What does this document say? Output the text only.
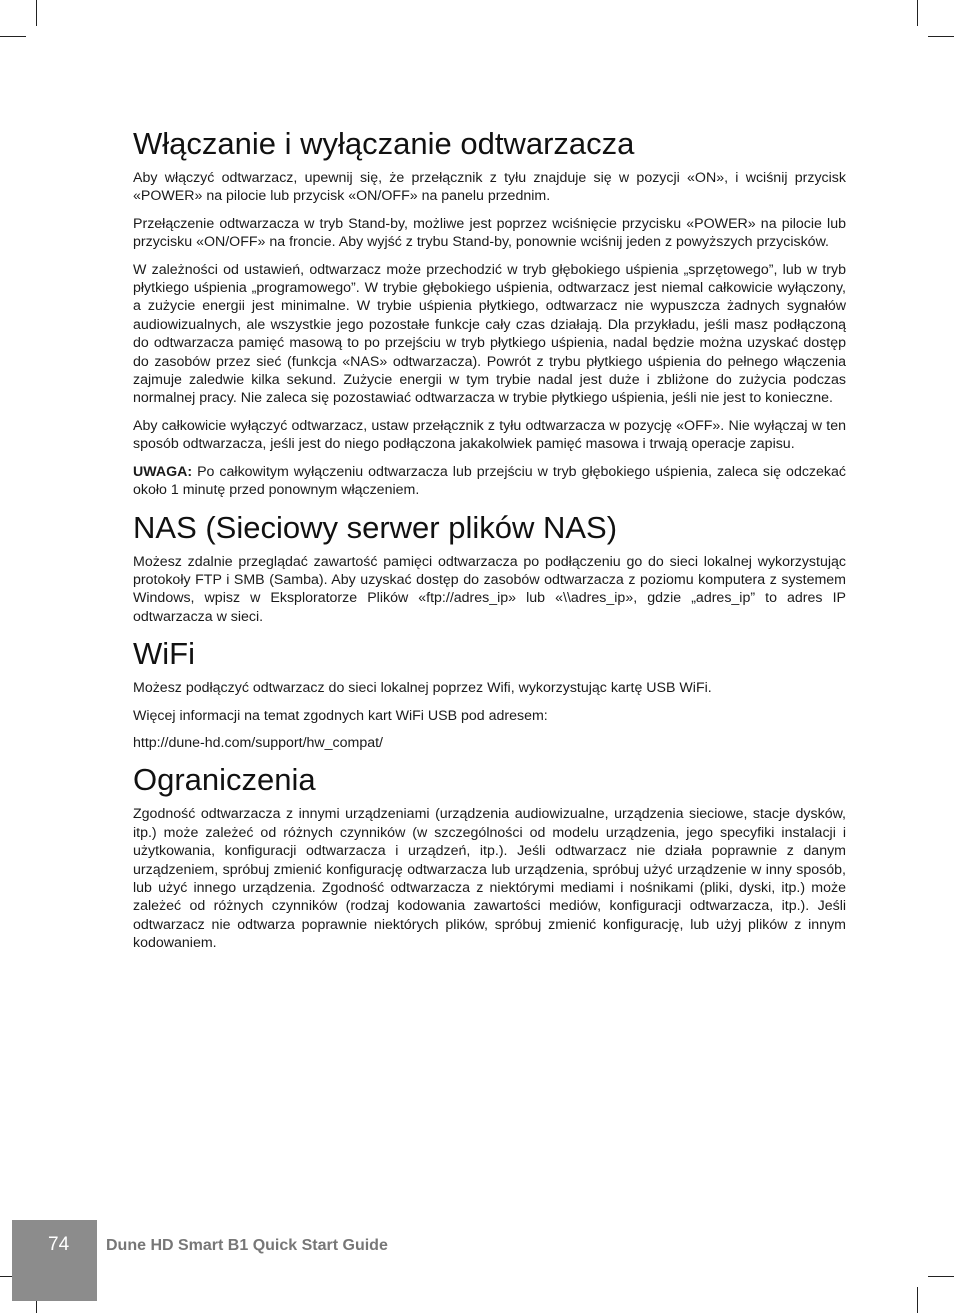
Włączanie i wyłączanie odtwarzacza

Aby włączyć odtwarzacz, upewnij się, że przełącznik z tyłu znajduje się w pozycji «ON», i wciśnij przycisk «POWER» na pilocie lub przycisk «ON/OFF» na panelu przednim.

Przełączenie odtwarzacza w tryb Stand-by, możliwe jest poprzez wciśnięcie przycisku «POWER» na pilocie lub przycisku «ON/OFF» na froncie. Aby wyjść z trybu Stand-by, ponownie wciśnij jeden z powyższych przycisków.

W zależności od ustawień, odtwarzacz może przechodzić w tryb głębokiego uśpienia „sprzętowego”, lub w tryb płytkiego uśpienia „programowego”. W trybie głębokiego uśpienia, odtwarzacz jest niemal całkowicie wyłączony, a zużycie energii jest minimalne. W trybie uśpienia płytkiego, odtwarzacz nie wypuszcza żadnych sygnałów audiowizualnych, ale wszystkie jego pozostałe funkcje cały czas działają. Dla przykładu, jeśli masz podłączoną do odtwarzacza pamięć masową to po przejściu w tryb płytkiego uśpienia, nadal będzie można uzyskać dostęp do zasobów przez sieć (funkcja «NAS» odtwarzacza). Powrót z trybu płytkiego uśpienia do pełnego włączenia zajmuje zaledwie kilka sekund. Zużycie energii w tym trybie nadal jest duże i zbliżone do zużycia podczas normalnej pracy. Nie zaleca się pozostawiać odtwarzacza w trybie płytkiego uśpienia, jeśli nie jest to konieczne.

Aby całkowicie wyłączyć odtwarzacz, ustaw przełącznik z tyłu odtwarzacza w pozycję «OFF». Nie wyłączaj w ten sposób odtwarzacza, jeśli jest do niego podłączona jakakolwiek pamięć masowa i trwają operacje zapisu.

UWAGA: Po całkowitym wyłączeniu odtwarzacza lub przejściu w tryb głębokiego uśpienia, zaleca się odczekać około 1 minutę przed ponownym włączeniem.

NAS (Sieciowy serwer plików NAS)

Możesz zdalnie przeglądać zawartość pamięci odtwarzacza po podłączeniu go do sieci lokalnej wykorzystując protokoły FTP i SMB (Samba). Aby uzyskać dostęp do zasobów odtwarzacza z poziomu komputera z systemem Windows, wpisz w Eksploratorze Plików «ftp://adres_ip» lub «\\adres_ip», gdzie „adres_ip” to adres IP odtwarzacza w sieci.

WiFi

Możesz podłączyć odtwarzacz do sieci lokalnej poprzez Wifi, wykorzystując kartę USB WiFi.

Więcej informacji na temat zgodnych kart WiFi USB pod adresem:

http://dune-hd.com/support/hw_compat/

Ograniczenia

Zgodność odtwarzacza z innymi urządzeniami (urządzenia audiowizualne, urządzenia sieciowe, stacje dysków, itp.) może zależeć od różnych czynników (w szczególności od modelu urządzenia, jego specyfiki instalacji i użytkowania, konfiguracji odtwarzacza i urządzeń, itp.). Jeśli odtwarzacz nie działa poprawnie z danym urządzeniem, spróbuj zmienić konfigurację odtwarzacza lub urządzenia, spróbuj użyć urządzenie w inny sposób, lub użyć innego urządzenia. Zgodność odtwarzacza z niektórymi mediami i nośnikami (pliki, dyski, itp.) może zależeć od różnych czynników (rodzaj kodowania zawartości mediów, konfiguracji odtwarzacza, itp.). Jeśli odtwarzacz nie odtwarza poprawnie niektórych plików, spróbuj zmienić konfigurację, lub użyj plików z innym kodowaniem.

74 Dune HD Smart B1 Quick Start Guide
